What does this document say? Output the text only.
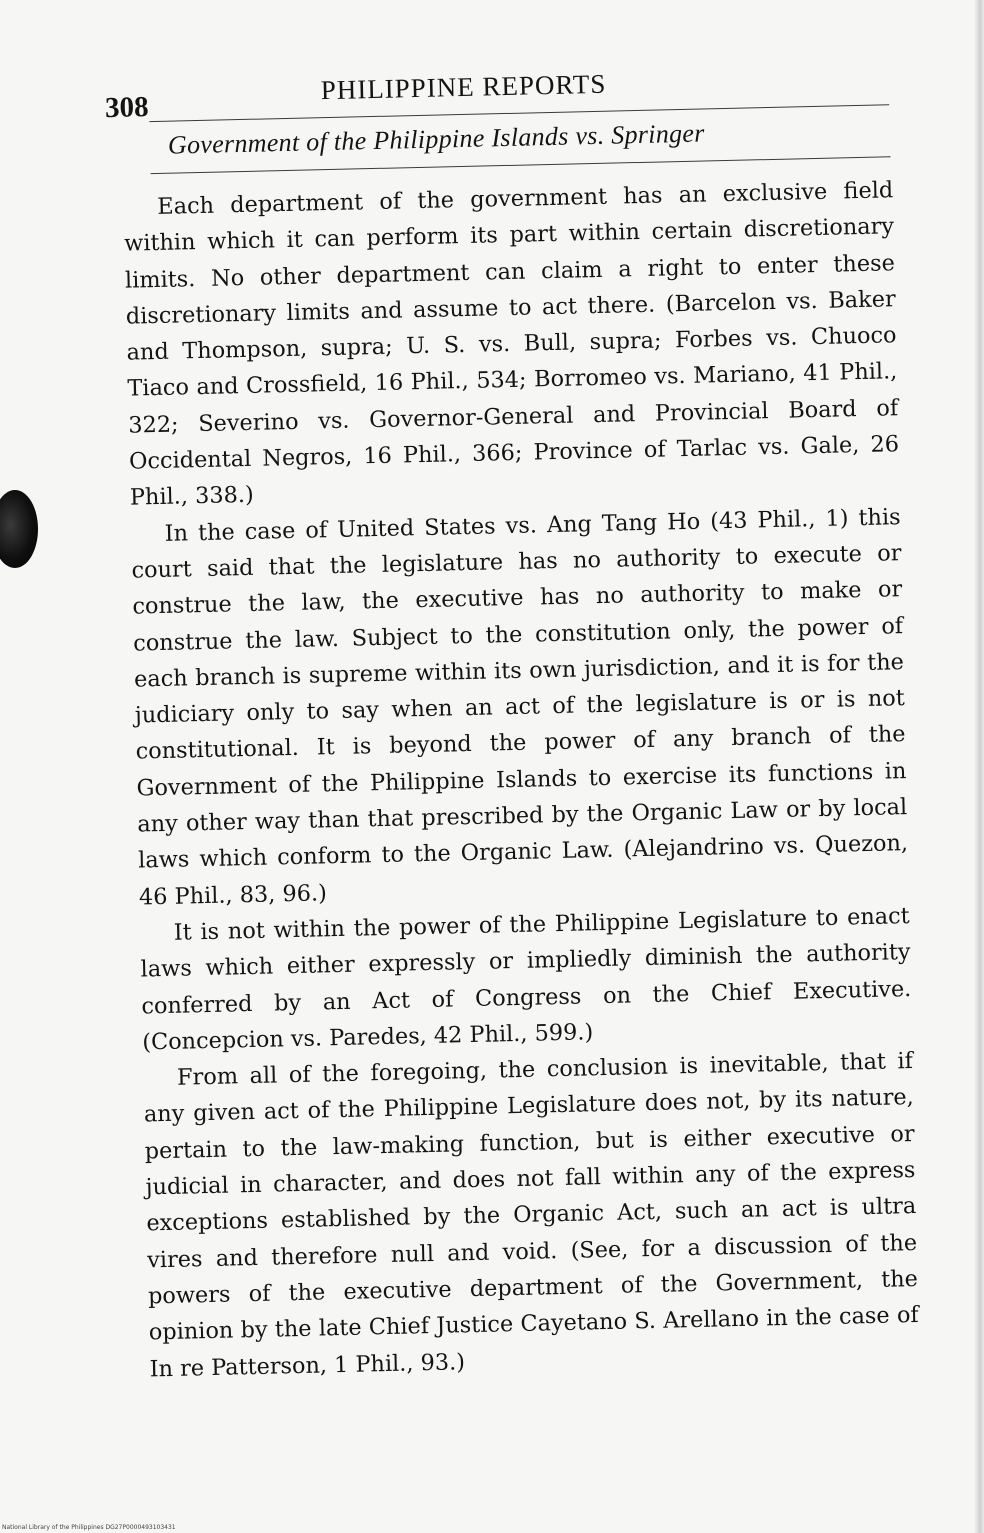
308
PHILIPPINE REPORTS
Government of the Philippine Islands vs. Springer

Each department of the government has an exclusive field within which it can perform its part within certain discretionary limits. No other department can claim a right to enter these discretionary limits and assume to act there. (Barcelon vs. Baker and Thompson, supra; U. S. vs. Bull, supra; Forbes vs. Chuoco Tiaco and Crossfield, 16 Phil., 534; Borromeo vs. Mariano, 41 Phil., 322; Severino vs. Governor-General and Provincial Board of Occidental Negros, 16 Phil., 366; Province of Tarlac vs. Gale, 26 Phil., 338.)

In the case of United States vs. Ang Tang Ho (43 Phil., 1) this court said that the legislature has no authority to execute or construe the law, the executive has no authority to make or construe the law. Subject to the constitution only, the power of each branch is supreme within its own jurisdiction, and it is for the judiciary only to say when an act of the legislature is or is not constitutional. It is beyond the power of any branch of the Government of the Philippine Islands to exercise its functions in any other way than that prescribed by the Organic Law or by local laws which conform to the Organic Law. (Alejandrino vs. Quezon, 46 Phil., 83, 96.)

It is not within the power of the Philippine Legislature to enact laws which either expressly or impliedly diminish the authority conferred by an Act of Congress on the Chief Executive. (Concepcion vs. Paredes, 42 Phil., 599.)

From all of the foregoing, the conclusion is inevitable, that if any given act of the Philippine Legislature does not, by its nature, pertain to the law-making function, but is either executive or judicial in character, and does not fall within any of the express exceptions established by the Organic Act, such an act is ultra vires and therefore null and void. (See, for a discussion of the powers of the executive department of the Government, the opinion by the late Chief Justice Cayetano S. Arellano in the case of In re Patterson, 1 Phil., 93.)

National Library of the Philippines DG27P0000493103431
